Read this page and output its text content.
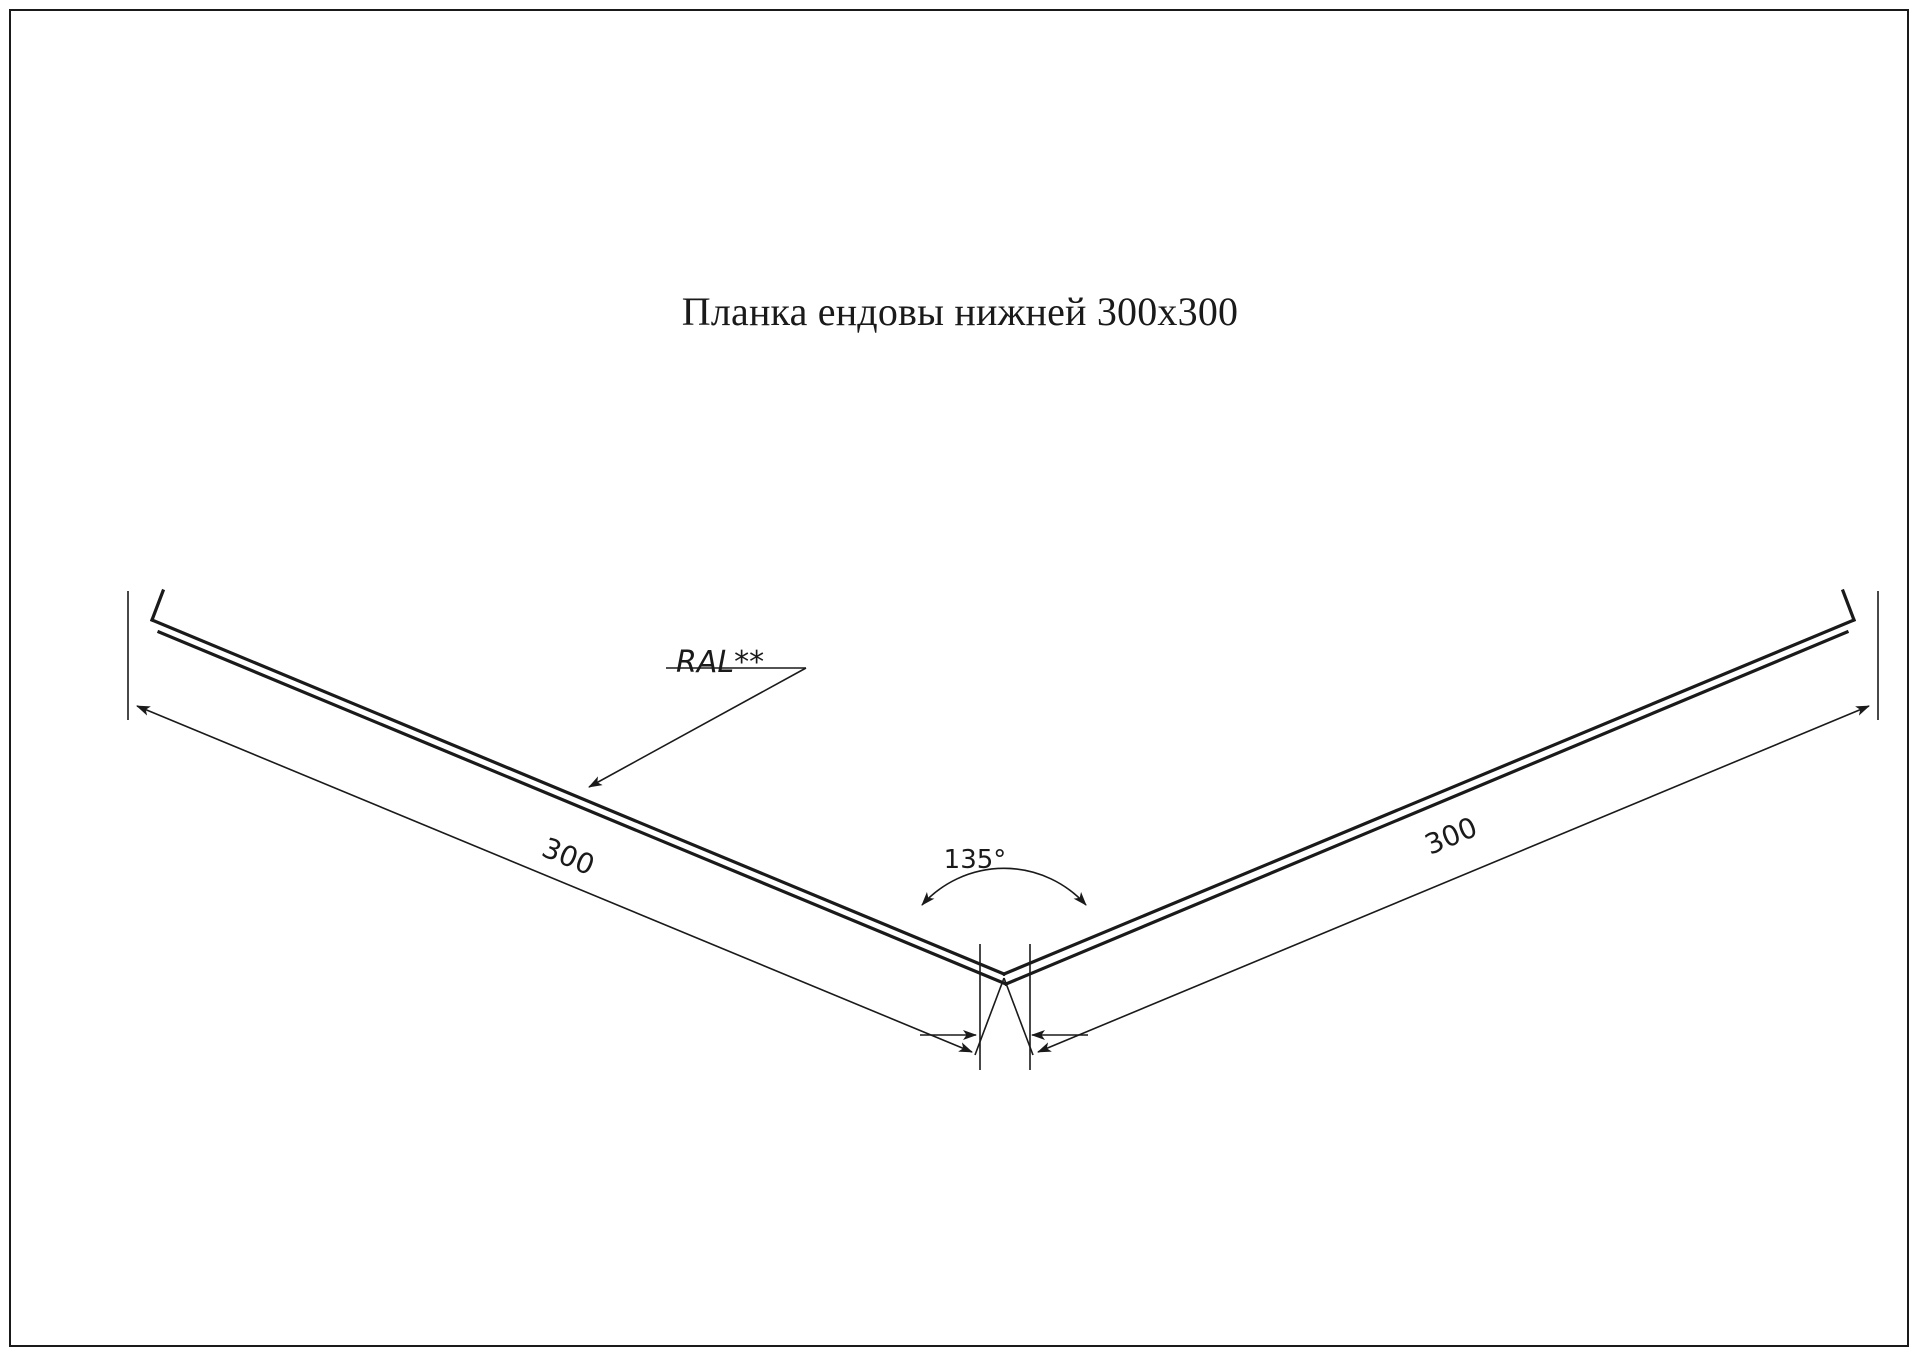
Планка ендовы нижней 300x300
300	300
135°
RAL**
